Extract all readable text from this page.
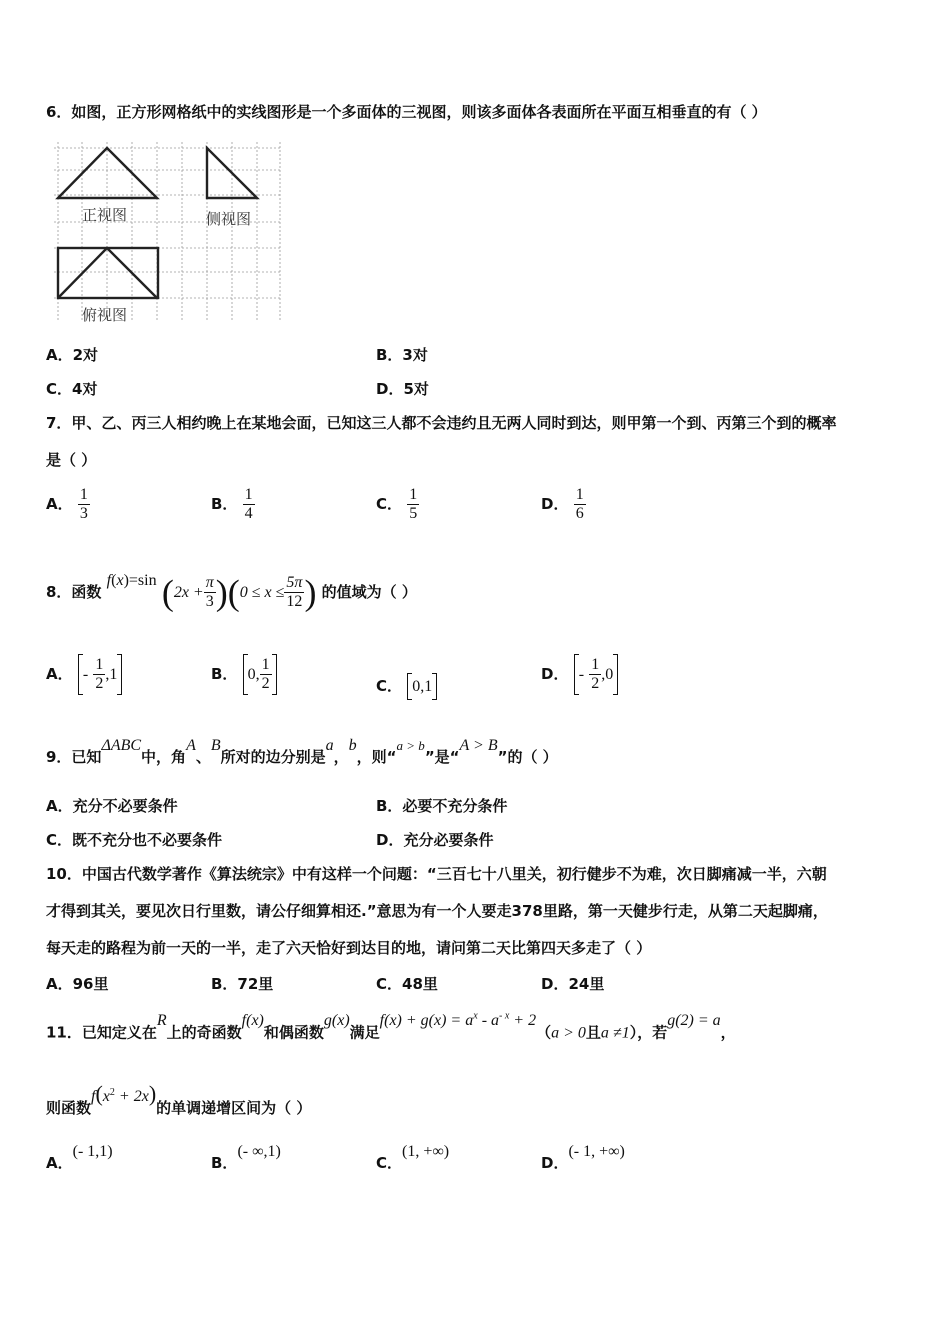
6．如图，正方形网格纸中的实线图形是一个多面体的三视图，则该多面体各表面所在平面互相垂直的有（ ）
正视图	侧视图
俯视图
A．2对	B．3对
C．4对	D．5对
7．甲、乙、丙三人相约晚上在某地会面，已知这三人都不会违约且无两人同时到达，则甲第一个到、丙第三个到的概率
是（ ）
A． $\frac{1}{3}$	B． $\frac{1}{4}$	C． $\frac{1}{5}$	D． $\frac{1}{6}$
8．函数 f(x)=sin $(2x + \frac{\pi}{3} )(0 \le x \le \frac{5\pi}{12}$ ) 的值域为（ ）
A． - $\frac{1}{2} ,1$	B． 0, $\frac{1}{2}$	C． 0,1
D． - $\frac{1}{2} ,0$
9．已知ΔABC中，角A、B所对的边分别是a，b，则“a > b”是“A > B”的（ ）
A．充分不必要条件	B．必要不充分条件
C．既不充分也不必要条件	D．充分必要条件
10．中国古代数学著作《算法统宗》中有这样一个问题：“三百七十八里关，初行健步不为难，次日脚痛减一半，六朝
才得到其关，要见次日行里数，请公仔细算相还.”意思为有一个人要走378里路，第一天健步行走，从第二天起脚痛，
每天走的路程为前一天的一半，走了六天恰好到达目的地，请问第二天比第四天多走了（ ）
A．96里	B．72里	C．48里	D．24里
11．已知定义在R上的奇函数f(x)和偶函数g(x)满足$f(x) + g(x) = a^x - a^{- x} + 2(a > 0$且a ≠1），若g(2) = a，
则函数$f(x^2 + 2x)$的单调递增区间为（ ）
A．(- 1,1)
B．(- ∞,1)
C．(1, +∞)
D．(- 1, +∞)
